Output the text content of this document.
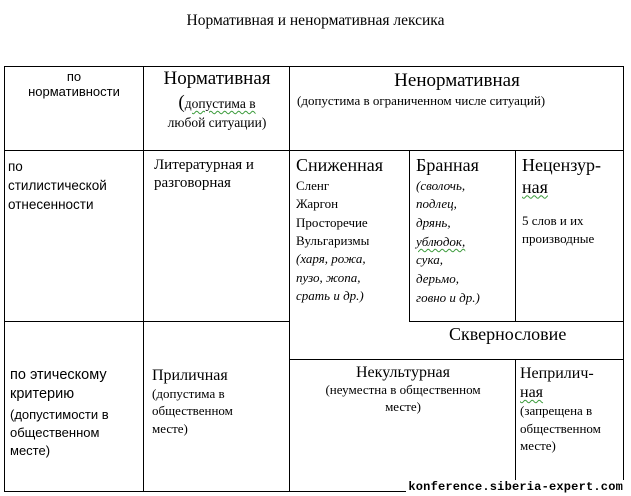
Нормативная и ненормативная лексика
по
нормативности
Нормативная
(допустима в
любой ситуации)
Ненормативная
(допустима в ограниченном числе ситуаций)
по
стилистической
отнесенности
Литературная и
разговорная
Сниженная
Сленг
Жаргон
Просторечие
Вульгаризмы
(харя, рожа,
пузо, жопа,
срать и др.)
Бранная
(сволочь,
подлец,
дрянь,
ублюдок,
сука,
дерьмо,
говно и др.)
Нецензур-
ная
5 слов и их
производные
Сквернословие
по этическому
критерию
(допустимости в
общественном
месте)
Приличная
(допустима в
общественном
месте)
Некультурная
(неуместна в общественном
месте)
Неприлич-
ная
(запрещена в
общественном
месте)
konference.siberia-expert.com
